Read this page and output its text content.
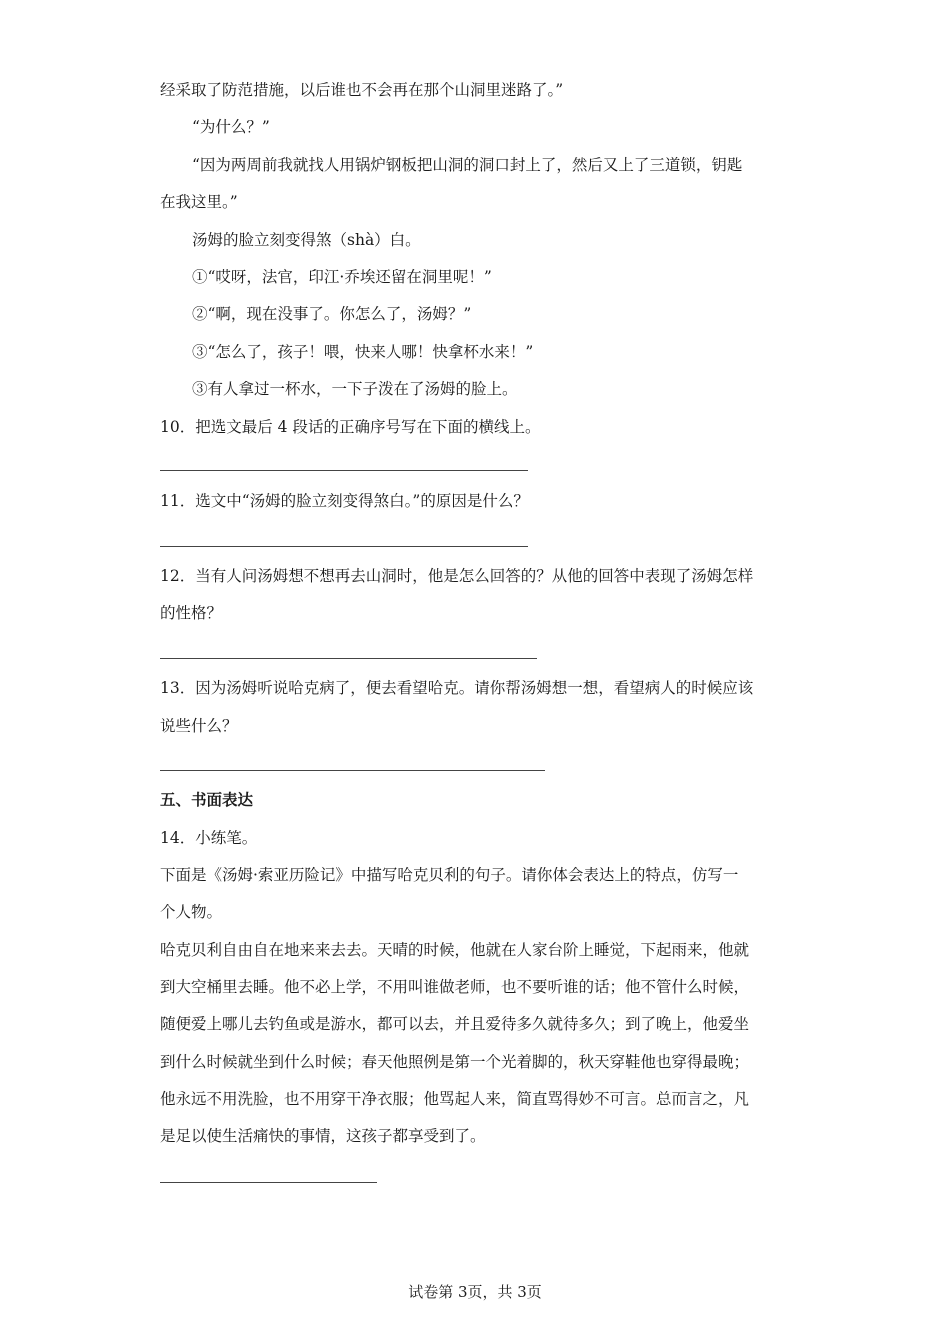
经采取了防范措施，以后谁也不会再在那个山洞里迷路了。”
“为什么？”
“因为两周前我就找人用锅炉钢板把山洞的洞口封上了，然后又上了三道锁，钥匙
在我这里。”
汤姆的脸立刻变得煞（shà）白。
①“哎呀，法官，印江·乔埃还留在洞里呢！”
②“啊，现在没事了。你怎么了，汤姆？”
③“怎么了，孩子！喂，快来人哪！快拿杯水来！”
③有人拿过一杯水，一下子泼在了汤姆的脸上。
10．把选文最后 4 段话的正确序号写在下面的横线上。
11．选文中“汤姆的脸立刻变得煞白。”的原因是什么？
12．当有人问汤姆想不想再去山洞时，他是怎么回答的？从他的回答中表现了汤姆怎样
的性格？
13．因为汤姆听说哈克病了，便去看望哈克。请你帮汤姆想一想，看望病人的时候应该
说些什么？
五、书面表达
14．小练笔。
下面是《汤姆·索亚历险记》中描写哈克贝利的句子。请你体会表达上的特点，仿写一
个人物。
哈克贝利自由自在地来来去去。天晴的时候，他就在人家台阶上睡觉，下起雨来，他就
到大空桶里去睡。他不必上学，不用叫谁做老师，也不要听谁的话；他不管什么时候，
随便爱上哪儿去钓鱼或是游水，都可以去，并且爱待多久就待多久；到了晚上，他爱坐
到什么时候就坐到什么时候；春天他照例是第一个光着脚的，秋天穿鞋他也穿得最晚；
他永远不用洗脸，也不用穿干净衣服；他骂起人来，简直骂得妙不可言。总而言之，凡
是足以使生活痛快的事情，这孩子都享受到了。
试卷第 3页，共 3页
